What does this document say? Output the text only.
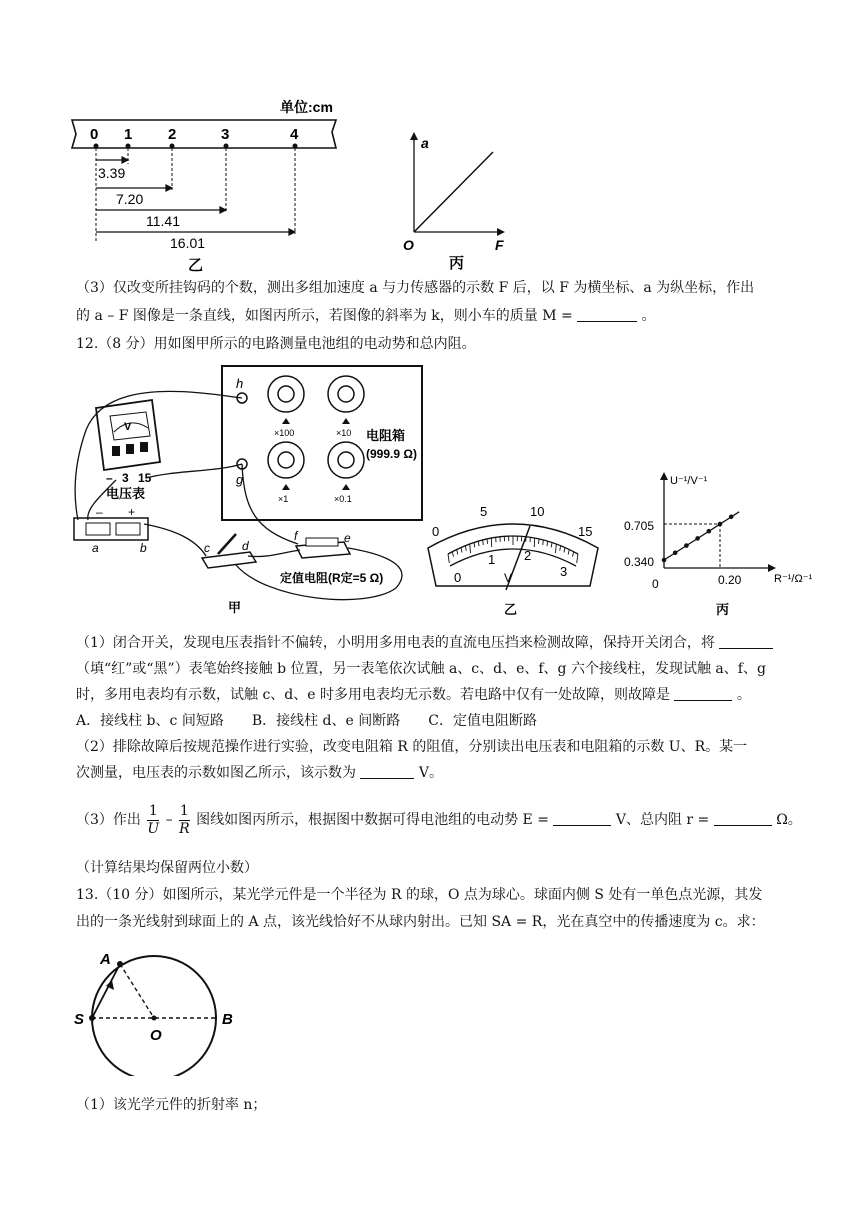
单位:cm
0 1 2	3	4
3.39
7.20
11.41
16.01
乙
a
F
O
丙
（3）仅改变所挂钩码的个数，测出多组加速度 a 与力传感器的示数 F 后，以 F 为横坐标、a 为纵坐标，作出
的 a – F 图像是一条直线，如图丙所示，若图像的斜率为 k，则小车的质量 M =	。
12.（8 分）用如图甲所示的电路测量电池组的电动势和总内阻。
h
g
×100	×10
×1	×0.1
电阻箱
(999.9 Ω)
V
– 3 15
电压表
– +
a	b	c	d
f	e
定值电阻(R定=5 Ω)
甲
0
5	10
15
0
1 2
3
V
乙
U⁻¹/V⁻¹
R⁻¹/Ω⁻¹
0.705
0.340
0	0.20
丙
（1）闭合开关，发现电压表指针不偏转，小明用多用电表的直流电压挡来检测故障，保持开关闭合，将
（填“红”或“黑”）表笔始终接触 b 位置，另一表笔依次试触 a、c、d、e、f、g 六个接线柱，发现试触 a、f、g
时，多用电表均有示数，试触 c、d、e 时多用电表均无示数。若电路中仅有一处故障，则故障是	。
A．接线柱 b、c 间短路　　B．接线柱 d、e 间断路　　C．定值电阻断路
（2）排除故障后按规范操作进行实验，改变电阻箱 R 的阻值，分别读出电压表和电阻箱的示数 U、R。某一
次测量，电压表的示数如图乙所示，该示数为	V。
（3）作出 $\frac{1}{U} - \frac{1}{R}$ 图线如图丙所示，根据图中数据可得电池组的电动势 E =	V、总内阻 r =	Ω。
（计算结果均保留两位小数）
13.（10 分）如图所示，某光学元件是一个半径为 R 的球，O 点为球心。球面内侧 S 处有一单色点光源，其发
出的一条光线射到球面上的 A 点，该光线恰好不从球内射出。已知 SA = R，光在真空中的传播速度为 c。求：
A
S
O
B
（1）该光学元件的折射率 n；
